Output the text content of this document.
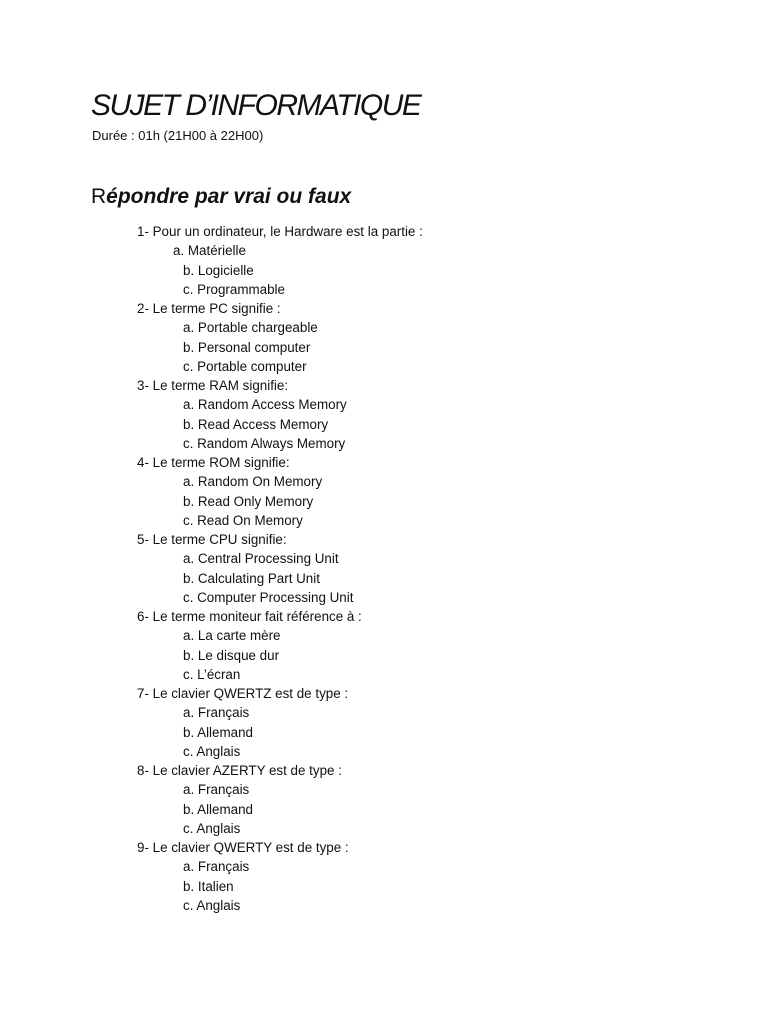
SUJET D’INFORMATIQUE
Durée : 01h (21H00 à 22H00)
Répondre par vrai ou faux
1- Pour un ordinateur, le Hardware est la partie :
a. Matérielle
b. Logicielle
c. Programmable
2- Le terme PC signifie :
a. Portable chargeable
b. Personal computer
c. Portable computer
3- Le terme RAM signifie:
a. Random Access Memory
b. Read Access Memory
c. Random Always Memory
4- Le terme ROM signifie:
a. Random On Memory
b. Read Only Memory
c. Read On Memory
5- Le terme CPU signifie:
a. Central Processing Unit
b. Calculating Part Unit
c. Computer Processing Unit
6- Le terme moniteur fait référence à :
a. La carte mère
b. Le disque dur
c. L’écran
7- Le clavier QWERTZ est de type :
a. Français
b. Allemand
c. Anglais
8- Le clavier AZERTY est de type :
a. Français
b. Allemand
c. Anglais
9- Le clavier QWERTY est de type :
a. Français
b. Italien
c. Anglais
